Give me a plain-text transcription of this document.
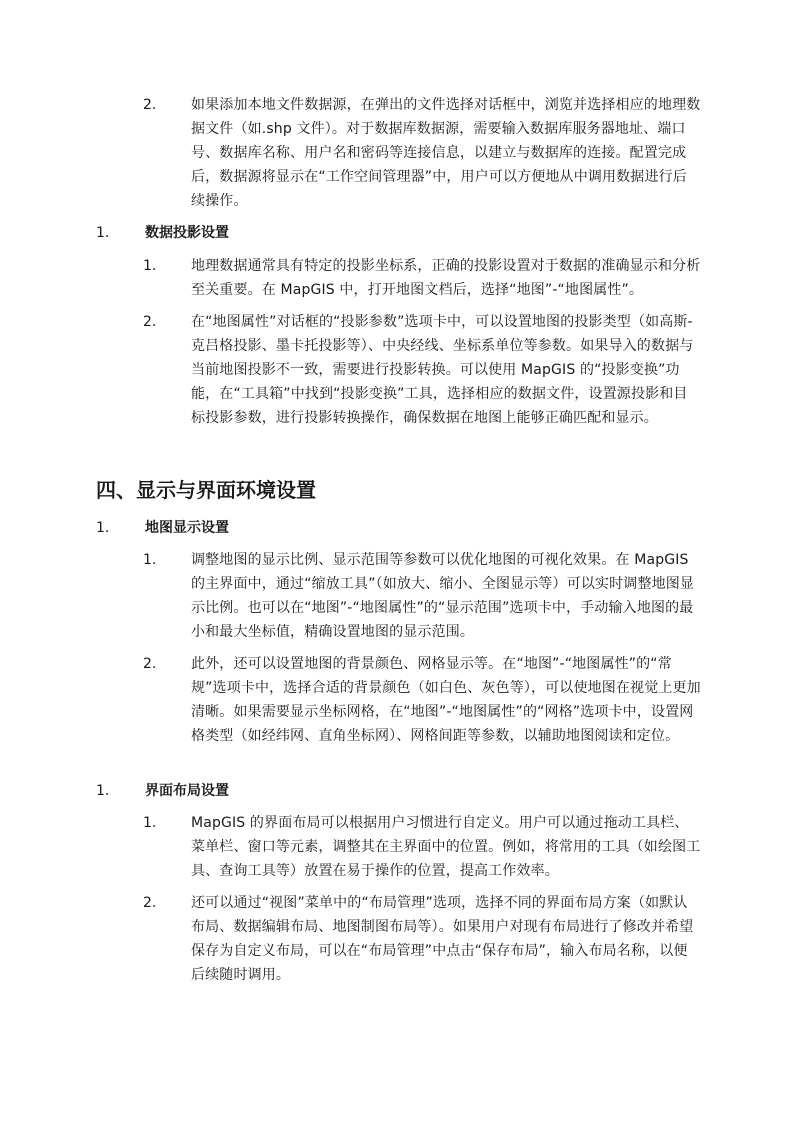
2.	如果添加本地文件数据源，在弹出的文件选择对话框中，浏览并选择相应的地理数据文件（如.shp 文件）。对于数据库数据源，需要输入数据库服务器地址、端口号、数据库名称、用户名和密码等连接信息，以建立与数据库的连接。配置完成后，数据源将显示在“工作空间管理器”中，用户可以方便地从中调用数据进行后续操作。
1.	数据投影设置
1.	地理数据通常具有特定的投影坐标系，正确的投影设置对于数据的准确显示和分析至关重要。在 MapGIS 中，打开地图文档后，选择“地图”-“地图属性”。
2.	在“地图属性”对话框的“投影参数”选项卡中，可以设置地图的投影类型（如高斯-克吕格投影、墨卡托投影等）、中央经线、坐标系单位等参数。如果导入的数据与当前地图投影不一致，需要进行投影转换。可以使用 MapGIS 的“投影变换”功能，在“工具箱”中找到“投影变换”工具，选择相应的数据文件，设置源投影和目标投影参数，进行投影转换操作，确保数据在地图上能够正确匹配和显示。
四、显示与界面环境设置
1.	地图显示设置
1.	调整地图的显示比例、显示范围等参数可以优化地图的可视化效果。在 MapGIS 的主界面中，通过“缩放工具”（如放大、缩小、全图显示等）可以实时调整地图显示比例。也可以在“地图”-“地图属性”的“显示范围”选项卡中，手动输入地图的最小和最大坐标值，精确设置地图的显示范围。
2.	此外，还可以设置地图的背景颜色、网格显示等。在“地图”-“地图属性”的“常规”选项卡中，选择合适的背景颜色（如白色、灰色等），可以使地图在视觉上更加清晰。如果需要显示坐标网格，在“地图”-“地图属性”的“网格”选项卡中，设置网格类型（如经纬网、直角坐标网）、网格间距等参数，以辅助地图阅读和定位。
1.	界面布局设置
1.	MapGIS 的界面布局可以根据用户习惯进行自定义。用户可以通过拖动工具栏、菜单栏、窗口等元素，调整其在主界面中的位置。例如，将常用的工具（如绘图工具、查询工具等）放置在易于操作的位置，提高工作效率。
2.	还可以通过“视图”菜单中的“布局管理”选项，选择不同的界面布局方案（如默认布局、数据编辑布局、地图制图布局等）。如果用户对现有布局进行了修改并希望保存为自定义布局，可以在“布局管理”中点击“保存布局”，输入布局名称，以便后续随时调用。
